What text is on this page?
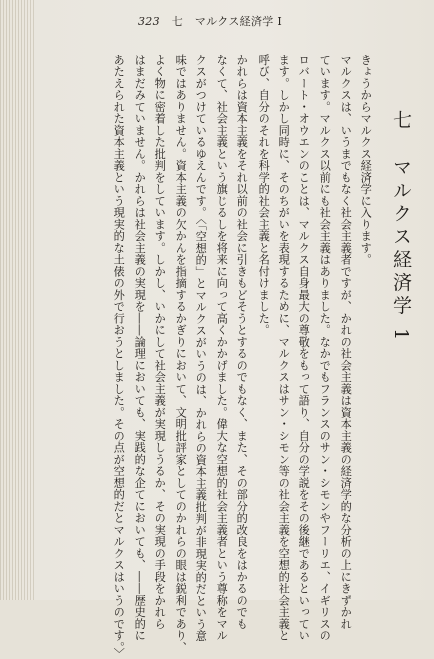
323 七 マルクス経済学 I
七 マルクス経済学 1
きょうからマルクス経済学に入ります。
マルクスは、いうまでもなく社会主義者ですが、かれの社会主義は資本主義の経済学的な分析の上にきずかれ
ています。マルクス以前にも社会主義はありました。なかでもフランスのサン・シモンやフーリエ、イギリスの
ロバート・オウエンのことは、マルクス自身最大の尊敬をもって語り、自分の学説をその後継であるといってい
ます。しかし同時に、そのちがいを表現するために、マルクスはサン・シモン等の社会主義を空想的社会主義と
呼び、自分のそれを科学的社会主義と名付けました。
かれらは資本主義をそれ以前の社会に引きもどそうとするのでもなく、また、その部分的改良をはかるのでも
なくて、社会主義という旗じるしを将来に向って高くかかげました。偉大な空想的社会主義者という尊称をマル
クスがつけているゆえんです。〈「空想的」とマルクスがいうのは、かれらの資本主義批判が非現実的だという意
味ではありません。資本主義の欠かんを指摘するかぎりにおいて、文明批評家としてのかれらの眼は鋭利であり、
よく物に密着した批判をしています。しかし、いかにして社会主義が実現しうるか、その実現の手段をかれら
はまだみていません。かれらは社会主義の実現を――論理においても、実践的な企てにおいても、――歴史的に
あたえられた資本主義という現実的な土俵の外で行おうとしました。その点が空想的だとマルクスはいうのです。〉
